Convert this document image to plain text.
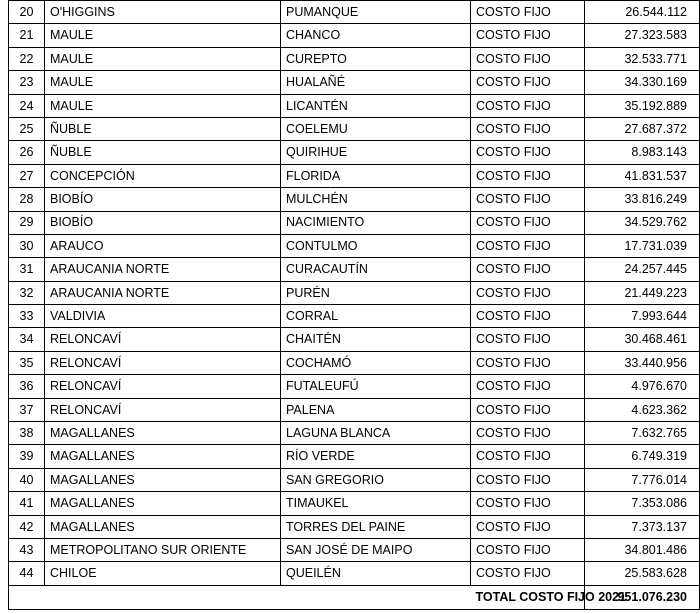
20	O'HIGGINS	PUMANQUE	COSTO FIJO	26.544.112
21	MAULE	CHANCO	COSTO FIJO	27.323.583
22	MAULE	CUREPTO	COSTO FIJO	32.533.771
23	MAULE	HUALAÑÉ	COSTO FIJO	34.330.169
24	MAULE	LICANTÉN	COSTO FIJO	35.192.889
25	ÑUBLE	COELEMU	COSTO FIJO	27.687.372
26	ÑUBLE	QUIRIHUE	COSTO FIJO	8.983.143
27	CONCEPCIÓN	FLORIDA	COSTO FIJO	41.831.537
28	BIOBÍO	MULCHÉN	COSTO FIJO	33.816.249
29	BIOBÍO	NACIMIENTO	COSTO FIJO	34.529.762
30	ARAUCO	CONTULMO	COSTO FIJO	17.731.039
31	ARAUCANIA NORTE	CURACAUTÍN	COSTO FIJO	24.257.445
32	ARAUCANIA NORTE	PURÉN	COSTO FIJO	21.449.223
33	VALDIVIA	CORRAL	COSTO FIJO	7.993.644
34	RELONCAVÍ	CHAITÉN	COSTO FIJO	30.468.461
35	RELONCAVÍ	COCHAMÓ	COSTO FIJO	33.440.956
36	RELONCAVÍ	FUTALEUFÚ	COSTO FIJO	4.976.670
37	RELONCAVÍ	PALENA	COSTO FIJO	4.623.362
38	MAGALLANES	LAGUNA BLANCA	COSTO FIJO	7.632.765
39	MAGALLANES	RÍO VERDE	COSTO FIJO	6.749.319
40	MAGALLANES	SAN GREGORIO	COSTO FIJO	7.776.014
41	MAGALLANES	TIMAUKEL	COSTO FIJO	7.353.086
42	MAGALLANES	TORRES DEL PAINE	COSTO FIJO	7.373.137
43	METROPOLITANO SUR ORIENTE	SAN JOSÉ DE MAIPO	COSTO FIJO	34.801.486
44	CHILOE	QUEILÉN	COSTO FIJO	25.583.628
			TOTAL COSTO FIJO 2021	951.076.230
